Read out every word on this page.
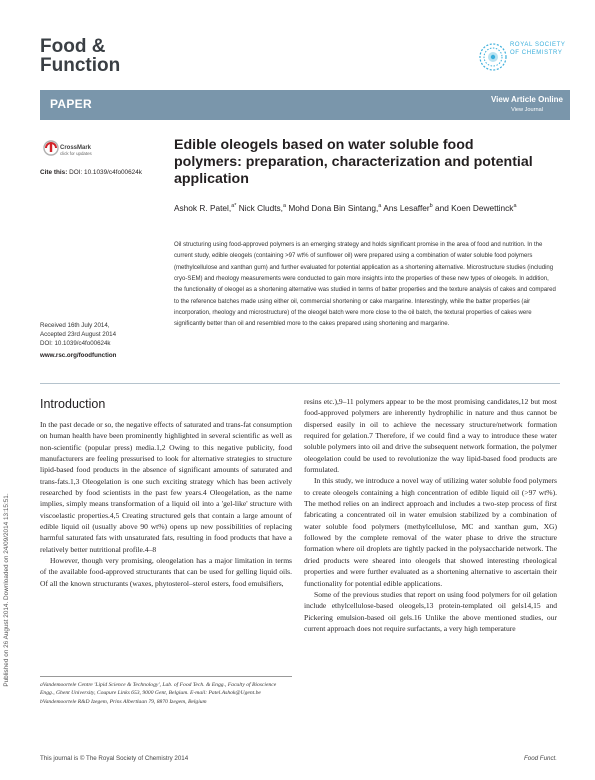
Published on 26 August 2014. Downloaded on 24/09/2014 13:15:51.
Food &
Function
ROYAL SOCIETY
OF CHEMISTRY
PAPER	View Article Online
View Journal
CrossMark
click for updates
Cite this: DOI: 10.1039/c4fo00624k
Edible oleogels based on water soluble food polymers: preparation, characterization and potential application
Ashok R. Patel,$^{a*}$ Nick Cludts,$^a$ Mohd Dona Bin Sintang,$^a$ Ans Lesaffer$^b$ and Koen Dewettinck$^a$
Oil structuring using food-approved polymers is an emerging strategy and holds significant promise in the area of food and nutrition. In the current study, edible oleogels (containing >97 wt% of sunflower oil) were prepared using a combination of water soluble food polymers (methylcellulose and xanthan gum) and further evaluated for potential application as a shortening alternative. Microstructure studies (including cryo-SEM) and rheology measurements were conducted to gain more insights into the properties of these new types of oleogels. In addition, the functionality of oleogel as a shortening alternative was studied in terms of batter properties and the texture analysis of cakes and compared to the reference batches made using either oil, commercial shortening or cake margarine. Interestingly, while the batter properties (air incorporation, rheology and microstructure) of the oleogel batch were more close to the oil batch, the textural properties of cakes were significantly better than oil and resembled more to the cakes prepared using shortening and margarine.
Received 16th July 2014,
Accepted 23rd August 2014
DOI: 10.1039/c4fo00624k
www.rsc.org/foodfunction
Introduction

In the past decade or so, the negative effects of saturated and trans-fat consumption on human health have been prominently highlighted in several scientific as well as non-scientific (popular press) media.1,2 Owing to this negative publicity, food manufacturers are feeling pressurised to look for alternative strategies to structure lipid-based food products in the absence of significant amounts of saturated and trans-fats.1,3 Oleogelation is one such exciting strategy which has been actively researched by food scientists in the past few years.4 Oleogelation, as the name implies, simply means transformation of a liquid oil into a 'gel-like' structure with viscoelastic properties.4,5 Creating structured gels that contain a large amount of edible liquid oil (usually above 90 wt%) opens up new possibilities of replacing harmful saturated fats with unsaturated fats, resulting in food products that have a relatively better nutritional profile.4–8

However, though very promising, oleogelation has a major limitation in terms of the available food-approved structurants that can be used for gelling liquid oils. Of all the known structurants (waxes, phytosterol–sterol esters, food emulsifiers,

resins etc.),9–11 polymers appear to be the most promising candidates,12 but most food-approved polymers are inherently hydrophilic in nature and thus cannot be dispersed easily in oil to achieve the necessary structure/network formation required for gelation.7 Therefore, if we could find a way to introduce these water soluble polymers into oil and drive the subsequent network formation, the polymer oleogelation could be used to revolutionize the way lipid-based food products are formulated.

In this study, we introduce a novel way of utilizing water soluble food polymers to create oleogels containing a high concentration of edible liquid oil (>97 wt%). The method relies on an indirect approach and includes a two-step process of first fabricating a concentrated oil in water emulsion stabilized by a combination of water soluble food polymers (methylcellulose, MC and xanthan gum, XG) followed by the complete removal of the water phase to drive the structure formation where oil droplets are tightly packed in the polysaccharide network. The dried products were sheared into oleogels that showed interesting rheological properties and were further evaluated as a shortening alternative to ascertain their functionality for potential edible applications.

Some of the previous studies that report on using food polymers for oil gelation include ethylcellulose-based oleogels,13 protein-templated oil gels14,15 and Pickering emulsion-based oil gels.16 Unlike the above mentioned studies, our current approach does not require surfactants, a very high temperature

aVandemoortele Centre 'Lipid Science & Technology', Lab. of Food Tech. & Engg., Faculty of Bioscience Engg., Ghent University, Coupure Links 653, 9000 Gent, Belgium. E-mail: Patel.Ashok@Ugent.be
bVandemoortele R&D Izegem, Prins Albertlaan 79, 8870 Izegem, Belgium
This journal is © The Royal Society of Chemistry 2014	Food Funct.
